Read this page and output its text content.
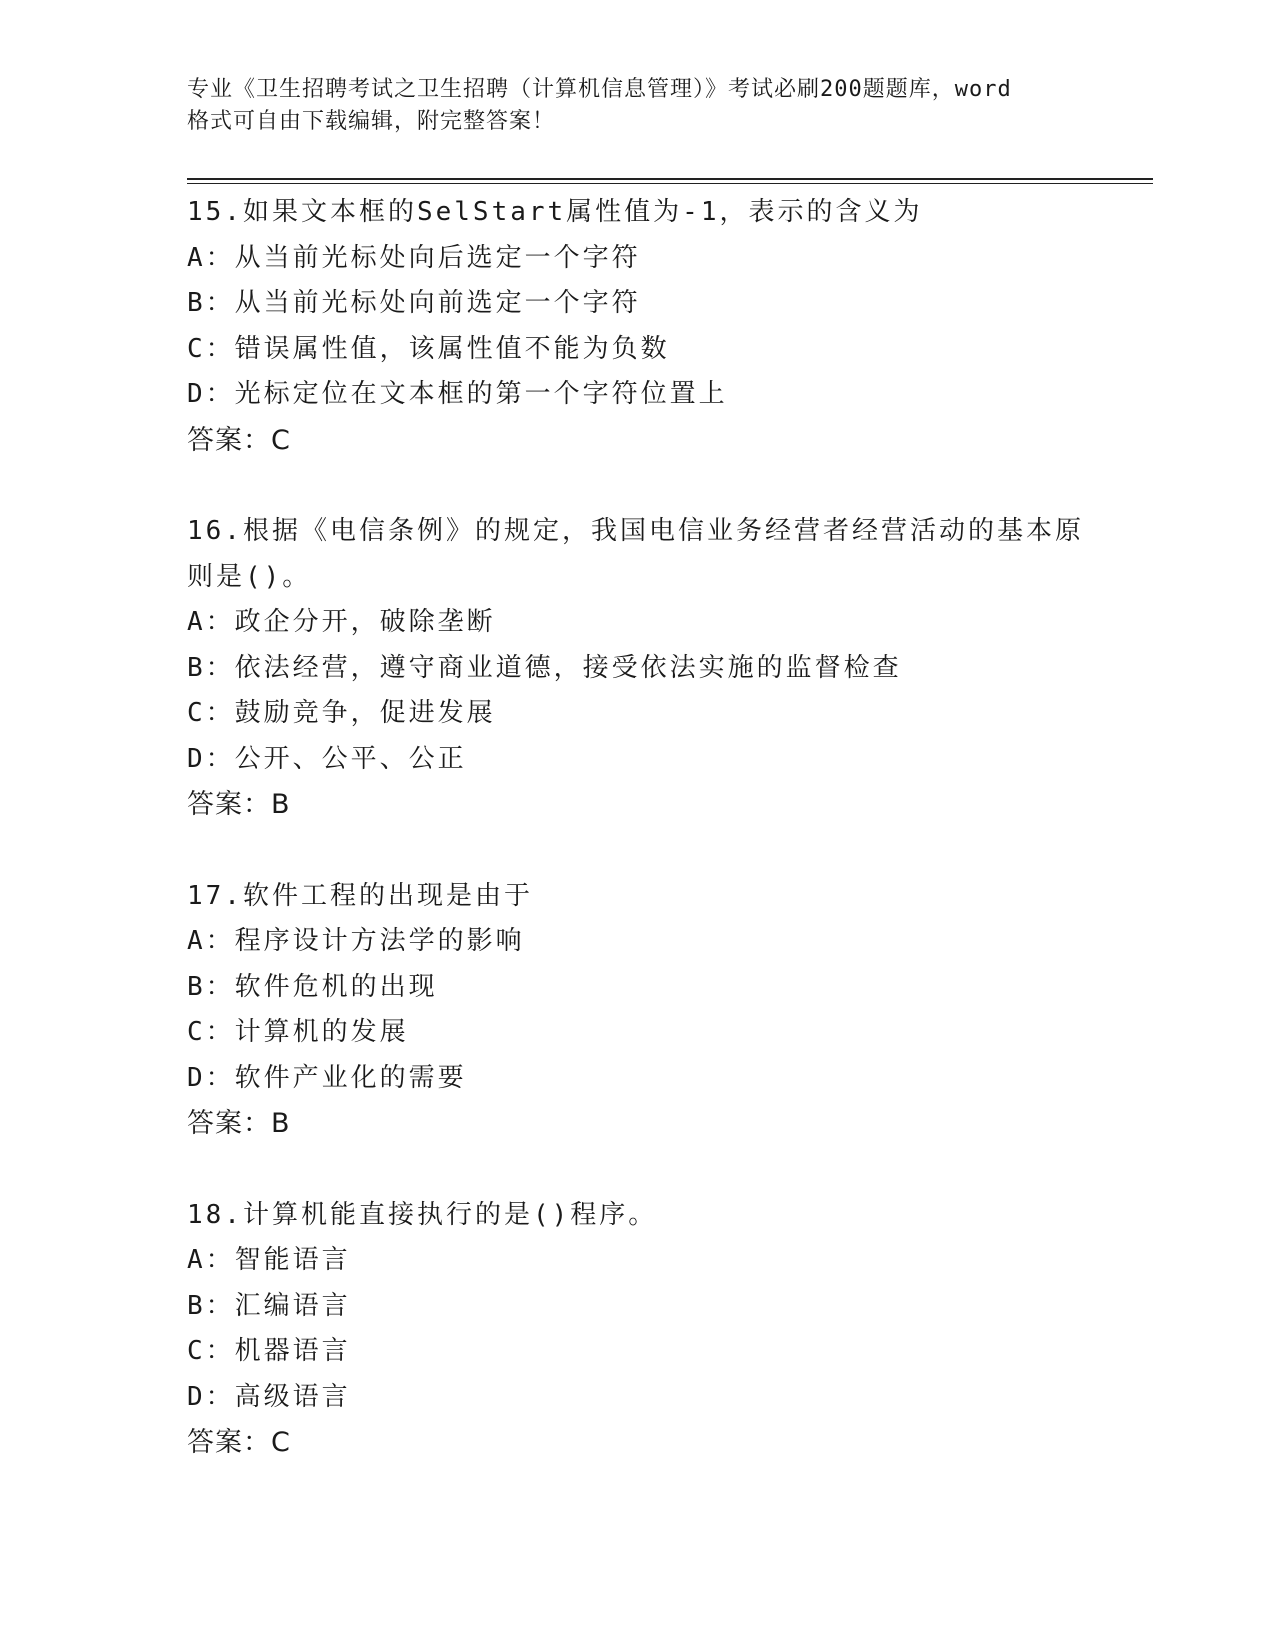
专业《卫生招聘考试之卫生招聘（计算机信息管理）》考试必刷200题题库，word
格式可自由下载编辑，附完整答案！
15.如果文本框的SelStart属性值为-1，表示的含义为
A：从当前光标处向后选定一个字符
B：从当前光标处向前选定一个字符
C：错误属性值，该属性值不能为负数
D：光标定位在文本框的第一个字符位置上
答案：C
16.根据《电信条例》的规定，我国电信业务经营者经营活动的基本原
则是()。
A：政企分开，破除垄断
B：依法经营，遵守商业道德，接受依法实施的监督检查
C：鼓励竞争，促进发展
D：公开、公平、公正
答案：B
17.软件工程的出现是由于
A：程序设计方法学的影响
B：软件危机的出现
C：计算机的发展
D：软件产业化的需要
答案：B
18.计算机能直接执行的是()程序。
A：智能语言
B：汇编语言
C：机器语言
D：高级语言
答案：C
